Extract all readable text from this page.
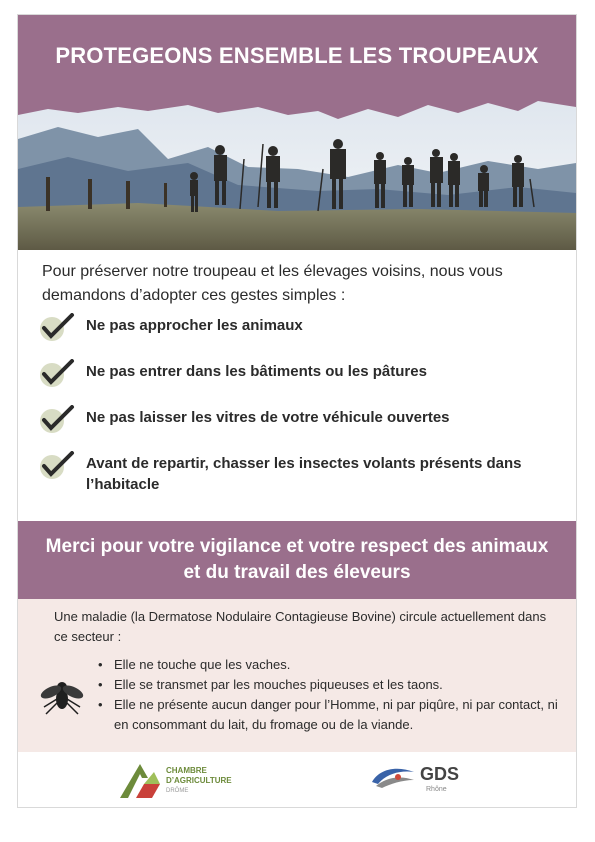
PROTEGEONS ENSEMBLE LES TROUPEAUX
Pour préserver notre troupeau et les élevages voisins, nous vous demandons d’adopter ces gestes simples :
Ne pas approcher les animaux
Ne pas entrer dans les bâtiments ou les pâtures
Ne pas laisser les vitres de votre véhicule ouvertes
Avant de repartir, chasser les insectes volants présents dans l’habitacle
Merci pour votre vigilance et votre respect des animaux
et du travail des éleveurs
Une maladie (la Dermatose Nodulaire Contagieuse Bovine) circule actuellement dans ce secteur :
• Elle ne touche que les vaches.
• Elle se transmet par les mouches piqueuses et les taons.
• Elle ne présente aucun danger pour l’Homme, ni par piqûre, ni par contact, ni en consommant du lait, du fromage ou de la viande.
CHAMBRE
D’AGRICULTURE
DRÔME
GDS
Rhône
